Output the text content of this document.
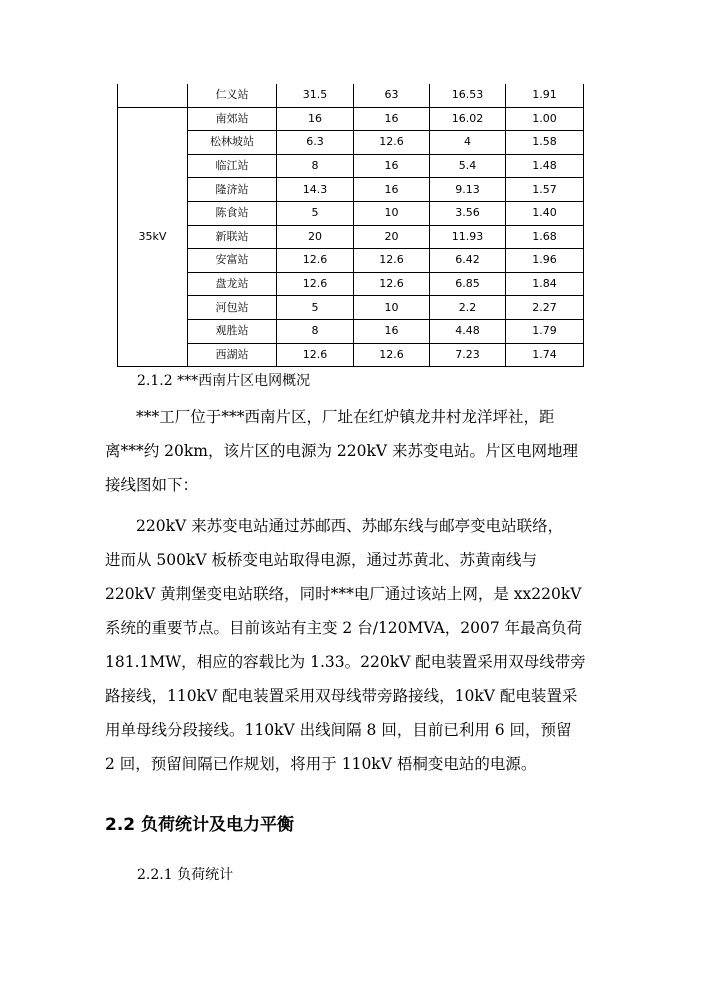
	仁义站	31.5	63	16.53	1.91
35kV	南郊站	16	16	16.02	1.00
	松林坡站	6.3	12.6	4	1.58
	临江站	8	16	5.4	1.48
	隆济站	14.3	16	9.13	1.57
	陈食站	5	10	3.56	1.40
	新联站	20	20	11.93	1.68
	安富站	12.6	12.6	6.42	1.96
	盘龙站	12.6	12.6	6.85	1.84
	河包站	5	10	2.2	2.27
	观胜站	8	16	4.48	1.79
	西湖站	12.6	12.6	7.23	1.74
2.1.2 ***西南片区电网概况
***工厂位于***西南片区，厂址在红炉镇龙井村龙洋坪社，距
离***约 20km，该片区的电源为 220kV 来苏变电站。片区电网地理
接线图如下：
220kV 来苏变电站通过苏邮西、苏邮东线与邮亭变电站联络，
进而从 500kV 板桥变电站取得电源，通过苏黄北、苏黄南线与
220kV 黄荆堡变电站联络，同时***电厂通过该站上网，是 xx220kV
系统的重要节点。目前该站有主变 2 台/120MVA，2007 年最高负荷
181.1MW，相应的容载比为 1.33。220kV 配电装置采用双母线带旁
路接线，110kV 配电装置采用双母线带旁路接线，10kV 配电装置采
用单母线分段接线。110kV 出线间隔 8 回，目前已利用 6 回，预留
2 回，预留间隔已作规划，将用于 110kV 梧桐变电站的电源。
2.2 负荷统计及电力平衡
2.2.1 负荷统计
